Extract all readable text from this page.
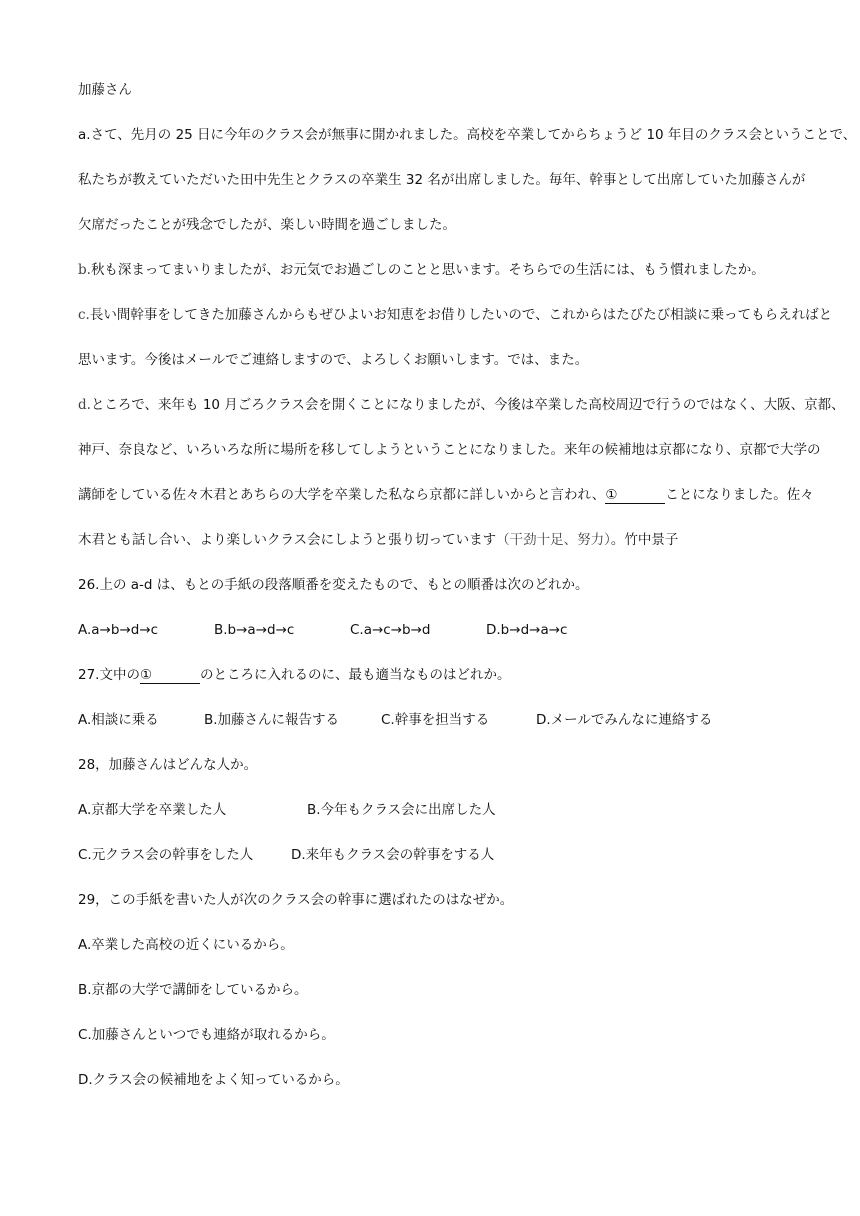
加藤さん
a.さて、先月の 25 日に今年のクラス会が無事に開かれました。高校を卒業してからちょうど 10 年目のクラス会ということで、
私たちが教えていただいた田中先生とクラスの卒業生 32 名が出席しました。毎年、幹事として出席していた加藤さんが
欠席だったことが残念でしたが、楽しい時間を過ごしました。
b.秋も深まってまいりましたが、お元気でお過ごしのことと思います。そちらでの生活には、もう慣れましたか。
c.長い間幹事をしてきた加藤さんからもぜひよいお知恵をお借りしたいので、これからはたびたび相談に乗ってもらえればと
思います。今後はメールでご連絡しますので、よろしくお願いします。では、また。
d.ところで、来年も 10 月ごろクラス会を開くことになりましたが、今後は卒業した高校周辺で行うのではなく、大阪、京都、
神戸、奈良など、いろいろな所に場所を移してしようということになりました。来年の候補地は京都になり、京都で大学の
講師をしている佐々木君とあちらの大学を卒業した私なら京都に詳しいからと言われ、①	ことになりました。佐々
木君とも話し合い、より楽しいクラス会にしようと張り切っています（干劲十足、努力）。竹中景子
26.上の a-d は、もとの手紙の段落順番を変えたもので、もとの順番は次のどれか。
A.a→b→d→c	B.b→a→d→c	C.a→c→b→d	D.b→d→a→c
27.文中の①	のところに入れるのに、最も適当なものはどれか。
A.相談に乗る	B.加藤さんに報告する	C.幹事を担当する	D.メールでみんなに連絡する
28，加藤さんはどんな人か。
A.京都大学を卒業した人	B.今年もクラス会に出席した人
C.元クラス会の幹事をした人	D.来年もクラス会の幹事をする人
29，この手紙を書いた人が次のクラス会の幹事に選ばれたのはなぜか。
A.卒業した高校の近くにいるから。
B.京都の大学で講師をしているから。
C.加藤さんといつでも連絡が取れるから。
D.クラス会の候補地をよく知っているから。
